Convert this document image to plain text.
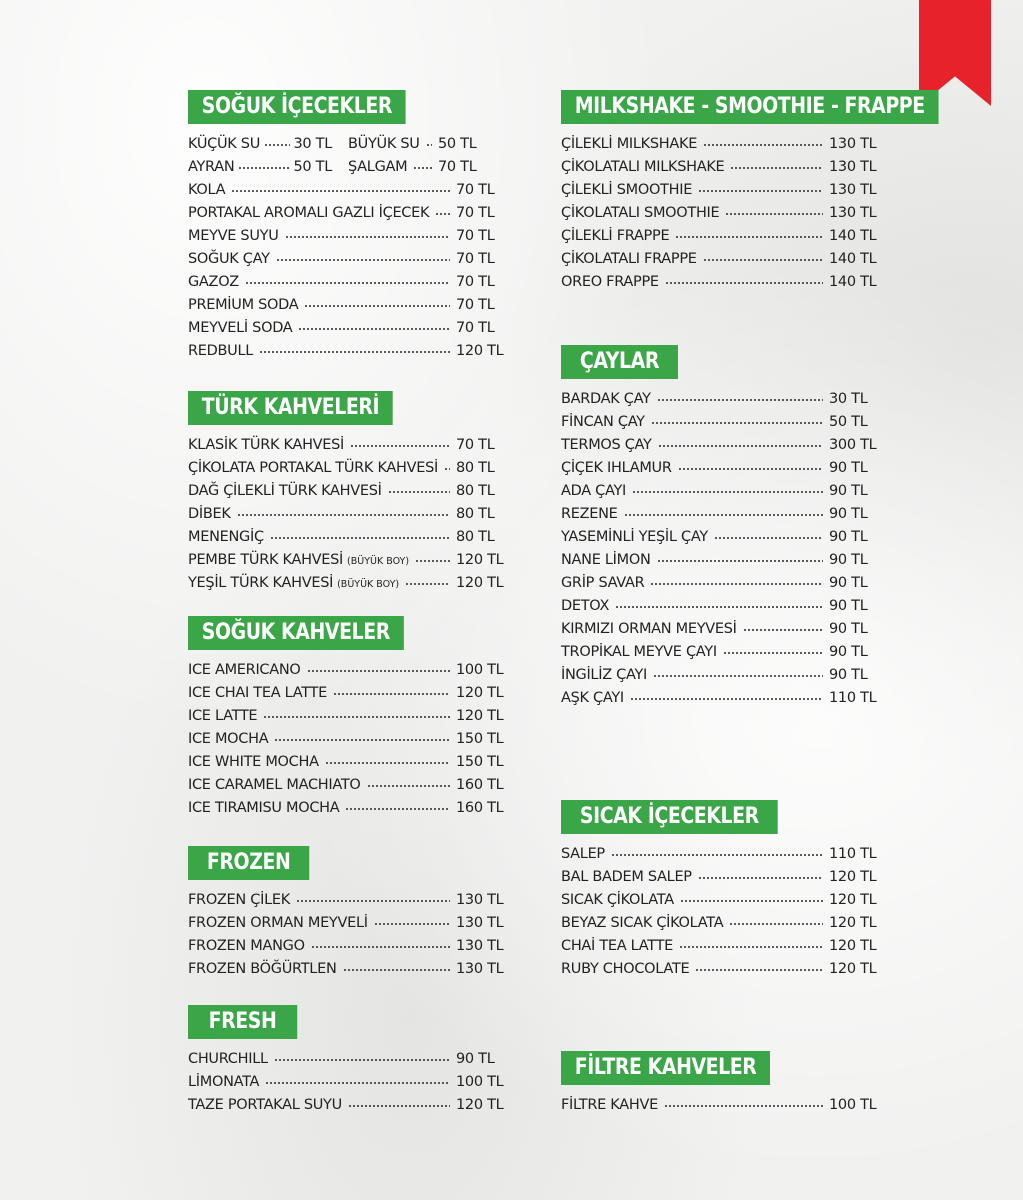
SOĞUK İÇECEKLER
KÜÇÜK SU 30 TL BÜYÜK SU 50 TL
AYRAN	50 TL ŞALGAM 70 TL
KOLA	70 TL
PORTAKAL AROMALI GAZLI İÇECEK 70 TL
MEYVE SUYU	70 TL
SOĞUK ÇAY	70 TL
GAZOZ	70 TL
PREMİUM SODA	70 TL
MEYVELİ SODA	70 TL
REDBULL	120 TL
TÜRK KAHVELERİ
KLASİK TÜRK KAHVESİ	70 TL
ÇİKOLATA PORTAKAL TÜRK KAHVESİ 80 TL
DAĞ ÇİLEKLİ TÜRK KAHVESİ	80 TL
DİBEK	80 TL
MENENGİÇ	80 TL
PEMBE TÜRK KAHVESİ (BÜYÜK BOY)	120 TL
YEŞİL TÜRK KAHVESİ (BÜYÜK BOY)	120 TL
SOĞUK KAHVELER
ICE AMERICANO	100 TL
ICE CHAI TEA LATTE	120 TL
ICE LATTE	120 TL
ICE MOCHA	150 TL
ICE WHITE MOCHA	150 TL
ICE CARAMEL MACHIATO	160 TL
ICE TIRAMISU MOCHA	160 TL
FROZEN
FROZEN ÇİLEK	130 TL
FROZEN ORMAN MEYVELİ	130 TL
FROZEN MANGO	130 TL
FROZEN BÖĞÜRTLEN	130 TL
FRESH
CHURCHILL	90 TL
LİMONATA	100 TL
TAZE PORTAKAL SUYU	120 TL
MILKSHAKE - SMOOTHIE - FRAPPE
ÇİLEKLİ MILKSHAKE	130 TL
ÇİKOLATALI MILKSHAKE	130 TL
ÇİLEKLİ SMOOTHIE	130 TL
ÇİKOLATALI SMOOTHIE	130 TL
ÇİLEKLİ FRAPPE	140 TL
ÇİKOLATALI FRAPPE	140 TL
OREO FRAPPE	140 TL
ÇAYLAR
BARDAK ÇAY	30 TL
FİNCAN ÇAY	50 TL
TERMOS ÇAY	300 TL
ÇİÇEK IHLAMUR	90 TL
ADA ÇAYI	90 TL
REZENE	90 TL
YASEMİNLİ YEŞİL ÇAY	90 TL
NANE LİMON	90 TL
GRİP SAVAR	90 TL
DETOX	90 TL
KIRMIZI ORMAN MEYVESİ	90 TL
TROPİKAL MEYVE ÇAYI	90 TL
İNGİLİZ ÇAYI	90 TL
AŞK ÇAYI	110 TL
SICAK İÇECEKLER
SALEP	110 TL
BAL BADEM SALEP	120 TL
SICAK ÇİKOLATA	120 TL
BEYAZ SICAK ÇİKOLATA	120 TL
CHAİ TEA LATTE	120 TL
RUBY CHOCOLATE	120 TL
FİLTRE KAHVELER
FİLTRE KAHVE	100 TL
